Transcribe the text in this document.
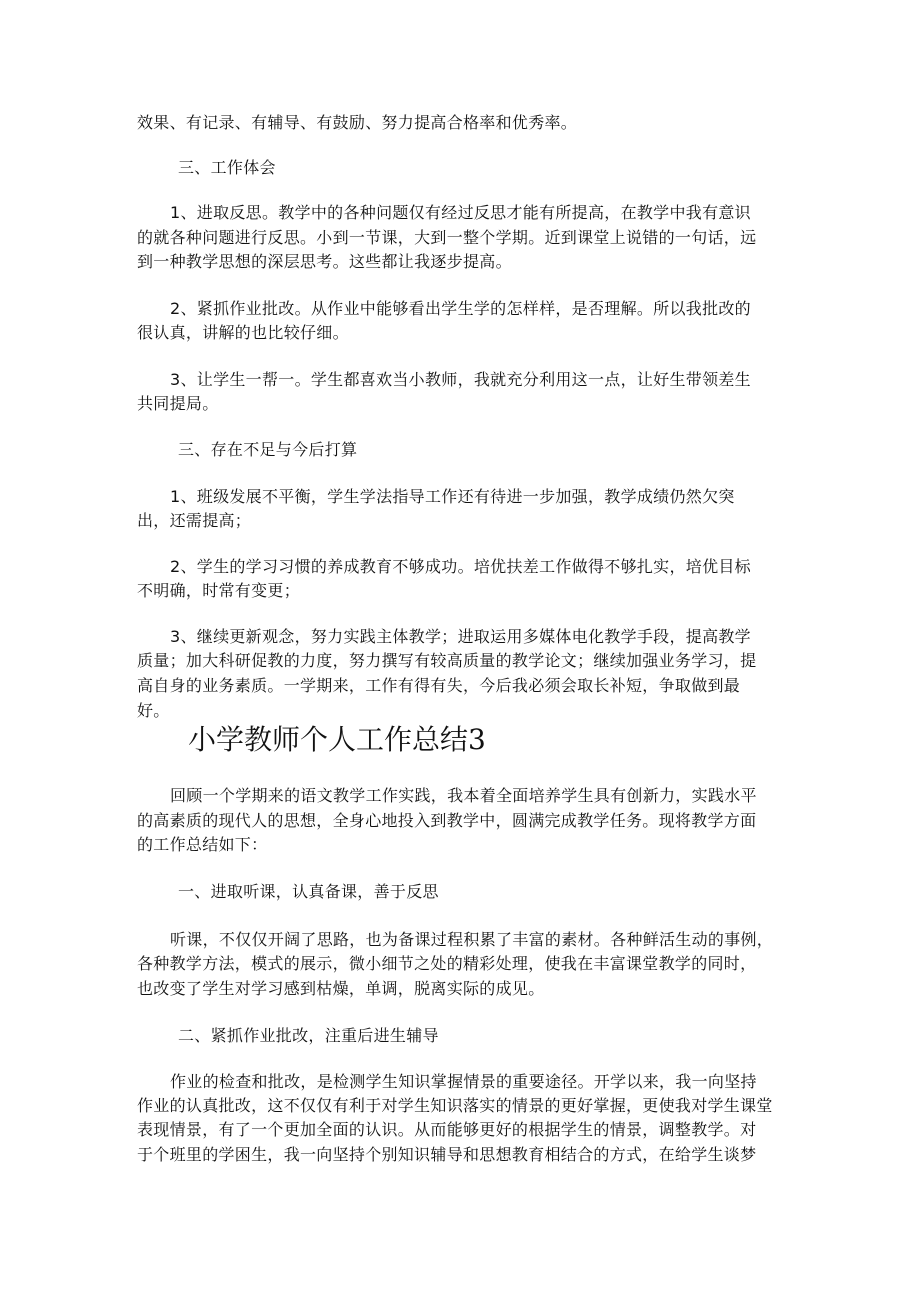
效果、有记录、有辅导、有鼓励、努力提高合格率和优秀率。
三、工作体会
1、进取反思。教学中的各种问题仅有经过反思才能有所提高，在教学中我有意识
的就各种问题进行反思。小到一节课，大到一整个学期。近到课堂上说错的一句话，远
到一种教学思想的深层思考。这些都让我逐步提高。
2、紧抓作业批改。从作业中能够看出学生学的怎样样，是否理解。所以我批改的
很认真，讲解的也比较仔细。
3、让学生一帮一。学生都喜欢当小教师，我就充分利用这一点，让好生带领差生
共同提局。
三、存在不足与今后打算
1、班级发展不平衡，学生学法指导工作还有待进一步加强，教学成绩仍然欠突
出，还需提高；
2、学生的学习习惯的养成教育不够成功。培优扶差工作做得不够扎实，培优目标
不明确，时常有变更；
3、继续更新观念，努力实践主体教学；进取运用多媒体电化教学手段，提高教学
质量；加大科研促教的力度，努力撰写有较高质量的教学论文；继续加强业务学习，提
高自身的业务素质。一学期来，工作有得有失，今后我必须会取长补短，争取做到最
好。
小学教师个人工作总结3
回顾一个学期来的语文教学工作实践，我本着全面培养学生具有创新力，实践水平
的高素质的现代人的思想，全身心地投入到教学中，圆满完成教学任务。现将教学方面
的工作总结如下：
一、进取听课，认真备课，善于反思
听课，不仅仅开阔了思路，也为备课过程积累了丰富的素材。各种鲜活生动的事例，
各种教学方法，模式的展示，微小细节之处的精彩处理，使我在丰富课堂教学的同时，
也改变了学生对学习感到枯燥，单调，脱离实际的成见。
二、紧抓作业批改，注重后进生辅导
作业的检查和批改，是检测学生知识掌握情景的重要途径。开学以来，我一向坚持
作业的认真批改，这不仅仅有利于对学生知识落实的情景的更好掌握，更使我对学生课堂
表现情景，有了一个更加全面的认识。从而能够更好的根据学生的情景，调整教学。对
于个班里的学困生，我一向坚持个别知识辅导和思想教育相结合的方式，在给学生谈梦
